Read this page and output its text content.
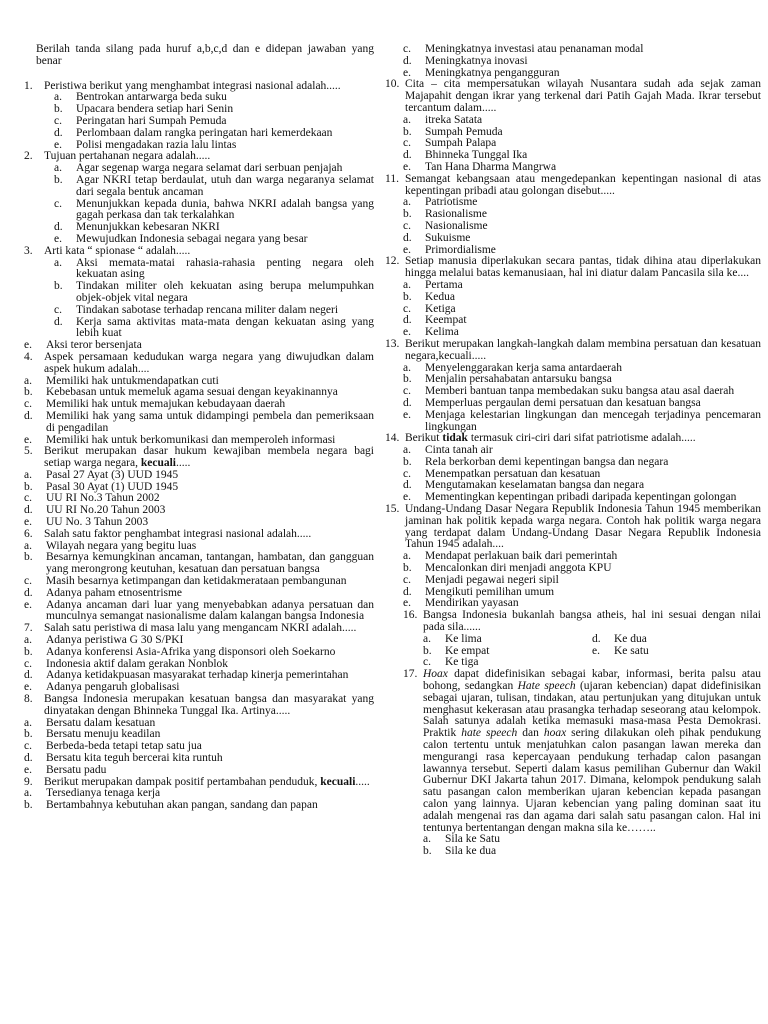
Berilah tanda silang pada huruf a,b,c,d dan e didepan jawaban yang benar
1. Peristiwa berikut yang menghambat integrasi nasional adalah.....
a.	Bentrokan antarwarga beda suku
b.	Upacara bendera setiap hari Senin
c.	Peringatan hari Sumpah Pemuda
d.	Perlombaan dalam rangka peringatan hari kemerdekaan
e.	Polisi mengadakan razia lalu lintas
2. Tujuan pertahanan negara adalah.....
a.	Agar segenap warga negara selamat dari serbuan penjajah
b.	Agar NKRI tetap berdaulat, utuh dan warga negaranya selamat dari segala bentuk ancaman
c.	Menunjukkan kepada dunia, bahwa NKRI adalah bangsa yang gagah perkasa dan tak terkalahkan
d.	Menunjukkan kebesaran NKRI
e.	Mewujudkan Indonesia sebagai negara yang besar
3. Arti kata “ spionase “ adalah.....
a.	Aksi memata-matai rahasia-rahasia penting negara oleh kekuatan asing
b.	Tindakan militer oleh kekuatan asing berupa melumpuhkan objek-objek vital negara
c.	Tindakan sabotase terhadap rencana militer dalam negeri
d.	Kerja sama aktivitas mata-mata dengan kekuatan asing yang lebih kuat
e.	Aksi teror bersenjata
4. Aspek persamaan kedudukan warga negara yang diwujudkan dalam aspek hukum adalah....
a.	Memiliki hak untukmendapatkan cuti
b.	Kebebasan untuk memeluk agama sesuai dengan keyakinannya
c.	Memiliki hak untuk memajukan kebudayaan daerah
d.	Memiliki hak yang sama untuk didampingi pembela dan pemeriksaan di pengadilan
e.	Memiliki hak untuk berkomunikasi dan memperoleh informasi
5. Berikut merupakan dasar hukum kewajiban membela negara bagi setiap warga negara, kecuali.....
a.	Pasal 27 Ayat (3) UUD 1945
b.	Pasal 30 Ayat (1) UUD 1945
c.	UU RI No.3 Tahun 2002
d.	UU RI No.20 Tahun 2003
e.	UU No. 3 Tahun 2003
6. Salah satu faktor penghambat integrasi nasional adalah.....
a.	Wilayah negara yang begitu luas
b.	Besarnya kemungkinan ancaman, tantangan, hambatan, dan gangguan yang merongrong keutuhan, kesatuan dan persatuan bangsa
c.	Masih besarnya ketimpangan dan ketidakmerataan pembangunan
d.	Adanya paham etnosentrisme
e.	Adanya ancaman dari luar yang menyebabkan adanya persatuan dan munculnya semangat nasionalisme dalam kalangan bangsa Indonesia
7. Salah satu peristiwa di masa lalu yang mengancam NKRI adalah.....
a.	Adanya peristiwa G 30 S/PKI
b.	Adanya konferensi Asia-Afrika yang disponsori oleh Soekarno
c.	Indonesia aktif dalam gerakan Nonblok
d.	Adanya ketidakpuasan masyarakat terhadap kinerja pemerintahan
e.	Adanya pengaruh globalisasi
8. Bangsa Indonesia merupakan kesatuan bangsa dan masyarakat yang dinyatakan dengan Bhinneka Tunggal Ika. Artinya.....
a.	Bersatu dalam kesatuan
b.	Bersatu menuju keadilan
c.	Berbeda-beda tetapi tetap satu jua
d.	Bersatu kita teguh bercerai kita runtuh
e.	Bersatu padu
9. Berikut merupakan dampak positif pertambahan penduduk, kecuali.....
a.	Tersedianya tenaga kerja
b.	Bertambahnya kebutuhan akan pangan, sandang dan papan
c.	Meningkatnya investasi atau penanaman modal
d.	Meningkatnya inovasi
e.	Meningkatnya pengangguran
10. Cita – cita mempersatukan wilayah Nusantara sudah ada sejak zaman Majapahit dengan ikrar yang terkenal dari Patih Gajah Mada. Ikrar tersebut tercantum dalam.....
a.	itreka Satata
b.	Sumpah Pemuda
c.	Sumpah Palapa
d.	Bhinneka Tunggal Ika
e.	Tan Hana Dharma Mangrwa
11. Semangat kebangsaan atau mengedepankan kepentingan nasional di atas kepentingan pribadi atau golongan disebut.....
a.	Patriotisme
b.	Rasionalisme
c.	Nasionalisme
d.	Sukuisme
e.	Primordialisme
12. Setiap manusia diperlakukan secara pantas, tidak dihina atau diperlakukan hingga melalui batas kemanusiaan, hal ini diatur dalam Pancasila sila ke....
a.	Pertama
b.	Kedua
c.	Ketiga
d.	Keempat
e.	Kelima
13. Berikut merupakan langkah-langkah dalam membina persatuan dan kesatuan negara,kecuali.....
a.	Menyelenggarakan kerja sama antardaerah
b.	Menjalin persahabatan antarsuku bangsa
c.	Memberi bantuan tanpa membedakan suku bangsa atau asal daerah
d.	Memperluas pergaulan demi persatuan dan kesatuan bangsa
e.	Menjaga kelestarian lingkungan dan mencegah terjadinya pencemaran lingkungan
14. Berikut tidak termasuk ciri-ciri dari sifat patriotisme adalah.....
a.	Cinta tanah air
b.	Rela berkorban demi kepentingan bangsa dan negara
c.	Menempatkan persatuan dan kesatuan
d.	Mengutamakan keselamatan bangsa dan negara
e.	Mementingkan kepentingan pribadi daripada kepentingan golongan
15. Undang-Undang Dasar Negara Republik Indonesia Tahun 1945 memberikan jaminan hak politik kepada warga negara. Contoh hak politik warga negara yang terdapat dalam Undang-Undang Dasar Negara Republik Indonesia Tahun 1945 adalah....
a.	Mendapat perlakuan baik dari pemerintah
b.	Mencalonkan diri menjadi anggota KPU
c.	Menjadi pegawai negeri sipil
d.	Mengikuti pemilihan umum
e.	Mendirikan yayasan
16. Bangsa Indonesia bukanlah bangsa atheis, hal ini sesuai dengan nilai pada sila......
a.	Ke lima	d.	Ke dua
b.	Ke empat	e.	Ke satu
c.	Ke tiga
17. Hoax dapat didefinisikan sebagai kabar, informasi, berita palsu atau bohong, sedangkan Hate speech (ujaran kebencian) dapat didefinisikan sebagai ujaran, tulisan, tindakan, atau pertunjukan yang ditujukan untuk menghasut kekerasan atau prasangka terhadap seseorang atau kelompok. Salah satunya adalah ketika memasuki masa-masa Pesta Demokrasi. Praktik hate speech dan hoax sering dilakukan oleh pihak pendukung calon tertentu untuk menjatuhkan calon pasangan lawan mereka dan mengurangi rasa kepercayaan pendukung terhadap calon pasangan lawannya tersebut. Seperti dalam kasus pemilihan Gubernur dan Wakil Gubernur DKI Jakarta tahun 2017. Dimana, kelompok pendukung salah satu pasangan calon memberikan ujaran kebencian kepada pasangan calon yang lainnya. Ujaran kebencian yang paling dominan saat itu adalah mengenai ras dan agama dari salah satu pasangan calon. Hal ini tentunya bertentangan dengan makna sila ke……..
a.	Sila ke Satu
b.	Sila ke dua
